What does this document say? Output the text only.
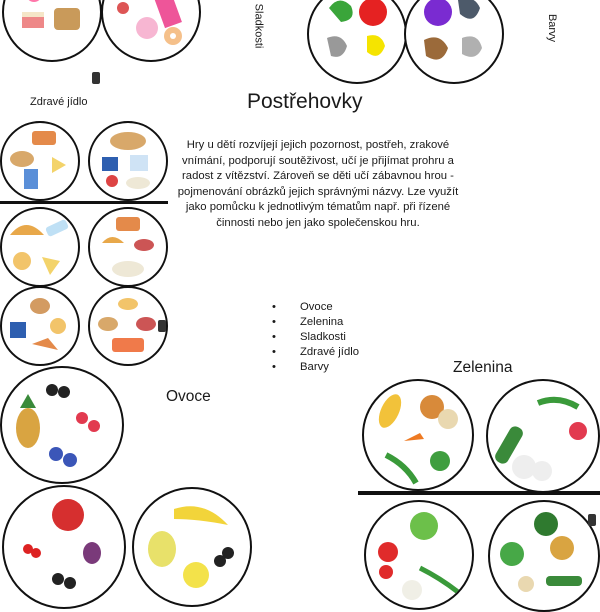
Postřehovky
Hry u dětí rozvíjejí jejich pozornost, postřeh, zrakové vnímání, podporují soutěživost, učí je přijímat prohru a radost z vítězství. Zároveň se děti učí zábavnou hrou - pojmenování obrázků jejich správnými názvy. Lze využít jako pomůcku k jednotlivým tématům např. při řízené činnosti nebo jen jako společenskou hru.
• Ovoce
• Zelenina
• Sladkosti
• Zdravé jídlo
• Barvy
Sladkosti	Barvy
Zdravé jídlo
Ovoce
Zelenina
